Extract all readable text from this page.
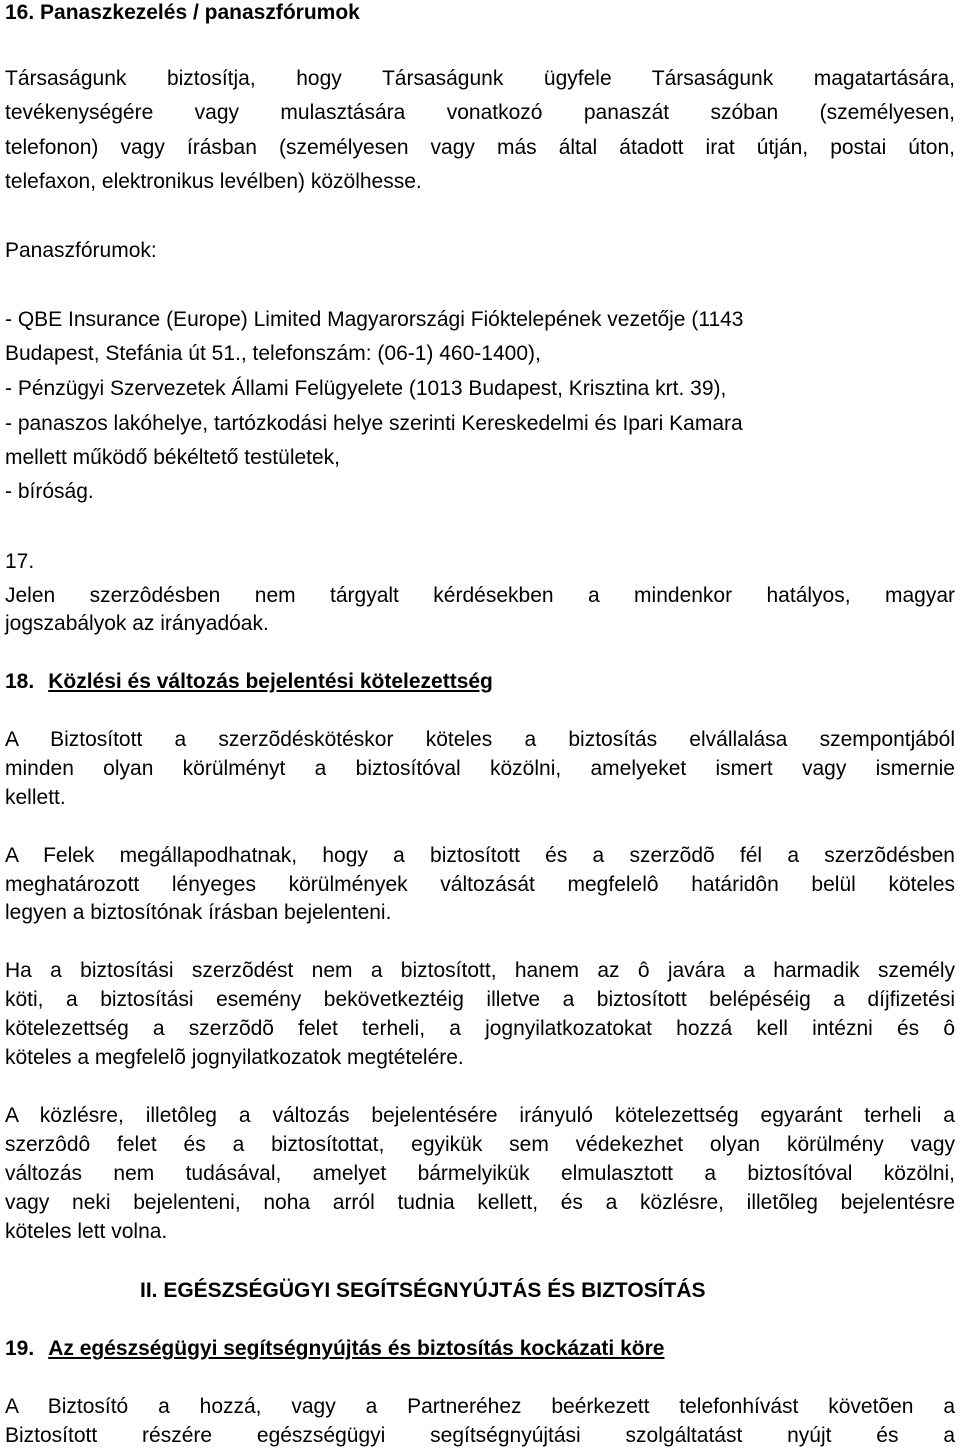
16. Panaszkezelés / panaszfórumok
Társaságunk biztosítja, hogy Társaságunk ügyfele Társaságunk magatartására,
tevékenységére vagy mulasztására vonatkozó panaszát szóban (személyesen,
telefonon) vagy írásban (személyesen vagy más által átadott irat útján, postai úton,
telefaxon, elektronikus levélben) közölhesse.
Panaszfórumok:
- QBE Insurance (Europe) Limited Magyarországi Fióktelepének vezetője (1143
Budapest, Stefánia út 51., telefonszám: (06-1) 460-1400),
- Pénzügyi Szervezetek Állami Felügyelete (1013 Budapest, Krisztina krt. 39),
- panaszos lakóhelye, tartózkodási helye szerinti Kereskedelmi és Ipari Kamara
mellett működő békéltető testületek,
- bíróság.
17.
Jelen szerzôdésben nem tárgyalt kérdésekben a mindenkor hatályos, magyar
jogszabályok az irányadóak.
18. Közlési és változás bejelentési kötelezettség
A Biztosított a szerzõdéskötéskor köteles a biztosítás elvállalása szempontjából
minden olyan körülményt a biztosítóval közölni, amelyeket ismert vagy ismernie
kellett.
A Felek megállapodhatnak, hogy a biztosított és a szerzõdõ fél a szerzõdésben
meghatározott lényeges körülmények változását megfelelô határidôn belül köteles
legyen a biztosítónak írásban bejelenteni.
Ha a biztosítási szerzõdést nem a biztosított, hanem az ô javára a harmadik személy
köti, a biztosítási esemény bekövetkeztéig illetve a biztosított belépéséig a díjfizetési
kötelezettség a szerzõdõ felet terheli, a jognyilatkozatokat hozzá kell intézni és ô
köteles a megfelelõ jognyilatkozatok megtételére.
A közlésre, illetôleg a változás bejelentésére irányuló kötelezettség egyaránt terheli a
szerzôdô felet és a biztosítottat, egyikük sem védekezhet olyan körülmény vagy
változás nem tudásával, amelyet bármelyikük elmulasztott a biztosítóval közölni,
vagy neki bejelenteni, noha arról tudnia kellett, és a közlésre, illetõleg bejelentésre
köteles lett volna.
II. EGÉSZSÉGÜGYI SEGÍTSÉGNYÚJTÁS ÉS BIZTOSÍTÁS
19. Az egészségügyi segítségnyújtás és biztosítás kockázati köre
A Biztosító a hozzá, vagy a Partneréhez beérkezett telefonhívást követõen a
Biztosított részére egészségügyi segítségnyújtási szolgáltatást nyújt és a
